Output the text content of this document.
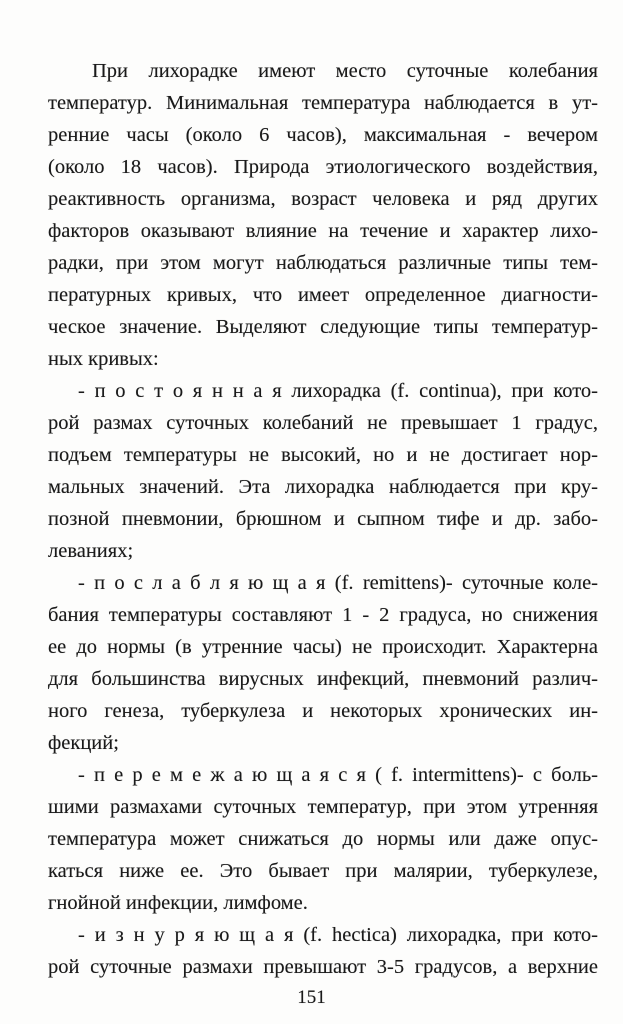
При лихорадке имеют место суточные колебания
температур. Минимальная температура наблюдается в ут-
ренние часы (около 6 часов), максимальная - вечером
(около 18 часов). Природа этиологического воздействия,
реактивность организма, возраст человека и ряд других
факторов оказывают влияние на течение и характер лихо-
радки, при этом могут наблюдаться различные типы тем-
пературных кривых, что имеет определенное диагности-
ческое значение. Выделяют следующие типы температур-
ных кривых:
- п о с т о я н н а я лихорадка (f. continua), при кото-
рой размах суточных колебаний не превышает 1 градус,
подъем температуры не высокий, но и не достигает нор-
мальных значений. Эта лихорадка наблюдается при кру-
позной пневмонии, брюшном и сыпном тифе и др. забо-
леваниях;
- п о с л а б л я ю щ а я (f. remittens)- суточные коле-
бания температуры составляют 1 - 2 градуса, но снижения
ее до нормы (в утренние часы) не происходит. Характерна
для большинства вирусных инфекций, пневмоний различ-
ного генеза, туберкулеза и некоторых хронических ин-
фекций;
- п е р е м е ж а ю щ а я с я ( f. intermittens)- с боль-
шими размахами суточных температур, при этом утренняя
температура может снижаться до нормы или даже опус-
каться ниже ее. Это бывает при малярии, туберкулезе,
гнойной инфекции, лимфоме.
- и з н у р я ю щ а я (f. hectica) лихорадка, при кото-
рой суточные размахи превышают 3-5 градусов, а верхние
151
